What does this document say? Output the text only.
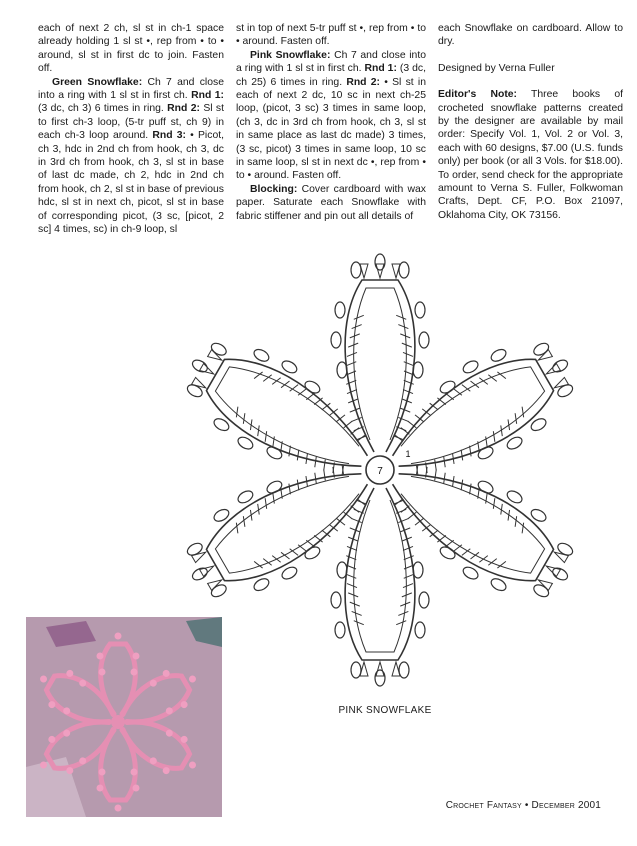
each of next 2 ch, sl st in ch-1 space already holding 1 sl st •, rep from • to • around, sl st in first dc to join. Fasten off.

Green Snowflake: Ch 7 and close into a ring with 1 sl st in first ch. Rnd 1: (3 dc, ch 3) 6 times in ring. Rnd 2: Sl st to first ch-3 loop, (5-tr puff st, ch 9) in each ch-3 loop around. Rnd 3: • Picot, ch 3, hdc in 2nd ch from hook, ch 3, dc in 3rd ch from hook, ch 3, sl st in base of last dc made, ch 2, hdc in 2nd ch from hook, ch 2, sl st in base of previous hdc, sl st in next ch, picot, sl st in base of corresponding picot, (3 sc, [picot, 2 sc] 4 times, sc) in ch-9 loop, sl

st in top of next 5-tr puff st •, rep from • to • around. Fasten off.

Pink Snowflake: Ch 7 and close into a ring with 1 sl st in first ch. Rnd 1: (3 dc, ch 25) 6 times in ring. Rnd 2: • Sl st in each of next 2 dc, 10 sc in next ch-25 loop, (picot, 3 sc) 3 times in same loop, (ch 3, dc in 3rd ch from hook, ch 3, sl st in same place as last dc made) 3 times, (3 sc, picot) 3 times in same loop, 10 sc in same loop, sl st in next dc •, rep from • to • around. Fasten off.

Blocking: Cover cardboard with wax paper. Saturate each Snowflake with fabric stiffener and pin out all details of

each Snowflake on cardboard. Allow to dry.

Designed by Verna Fuller

Editor's Note: Three books of crocheted snowflake patterns created by the designer are available by mail order: Specify Vol. 1, Vol. 2 or Vol. 3, each with 60 designs, $7.00 (U.S. funds only) per book (or all 3 Vols. for $18.00). To order, send check for the appropriate amount to Verna S. Fuller, Folkwoman Crafts, Dept. CF, P.O. Box 21097, Oklahoma City, OK 73156.

7
1
PINK SNOWFLAKE
Crochet Fantasy • December 2001
